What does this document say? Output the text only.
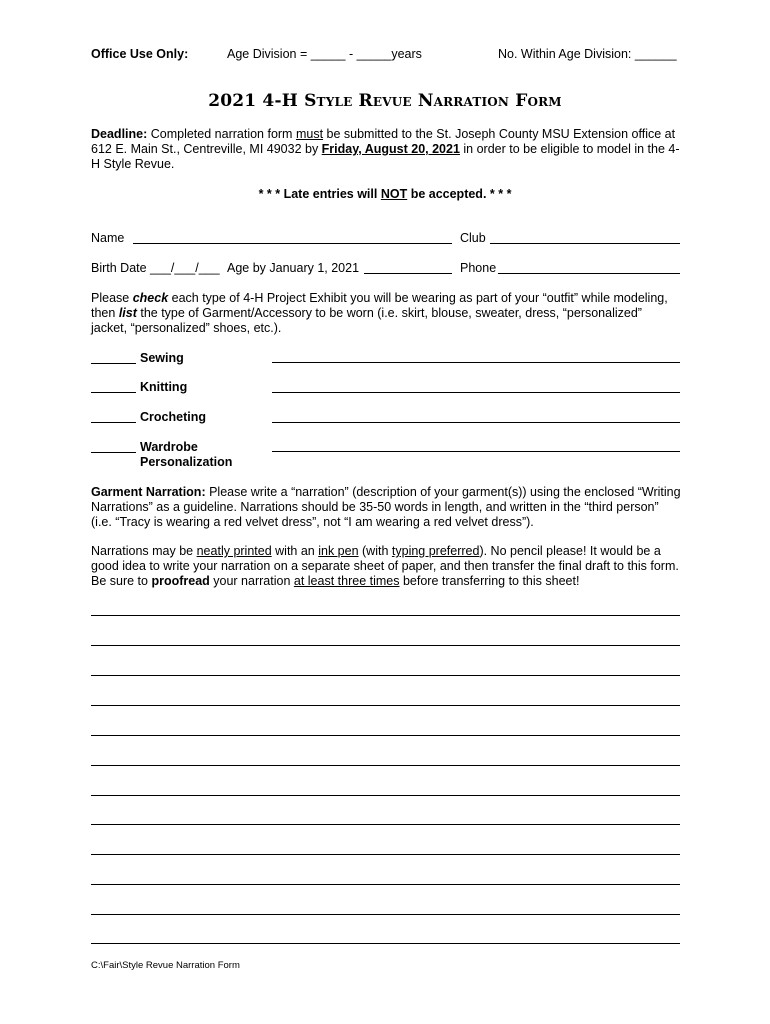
Office Use Only:	Age Division = _____ - _____years	No. Within Age Division: ______
2021 4-H Style Revue Narration Form
Deadline: Completed narration form must be submitted to the St. Joseph County MSU Extension office at 612 E. Main St., Centreville, MI 49032 by Friday, August 20, 2021 in order to be eligible to model in the 4-H Style Revue.
* * * Late entries will NOT be accepted. * * *
Name	Club
Birth Date ___/___/___ Age by January 1, 2021	Phone
Please check each type of 4-H Project Exhibit you will be wearing as part of your “outfit” while modeling, then list the type of Garment/Accessory to be worn (i.e. skirt, blouse, sweater, dress, “personalized” jacket, “personalized” shoes, etc.).
Sewing
Knitting
Crocheting
Wardrobe
Personalization
Garment Narration: Please write a “narration” (description of your garment(s)) using the enclosed “Writing Narrations” as a guideline. Narrations should be 35-50 words in length, and written in the “third person” (i.e. “Tracy is wearing a red velvet dress”, not “I am wearing a red velvet dress”).
Narrations may be neatly printed with an ink pen (with typing preferred). No pencil please! It would be a good idea to write your narration on a separate sheet of paper, and then transfer the final draft to this form. Be sure to proofread your narration at least three times before transferring to this sheet!
C:\Fair\Style Revue Narration Form
